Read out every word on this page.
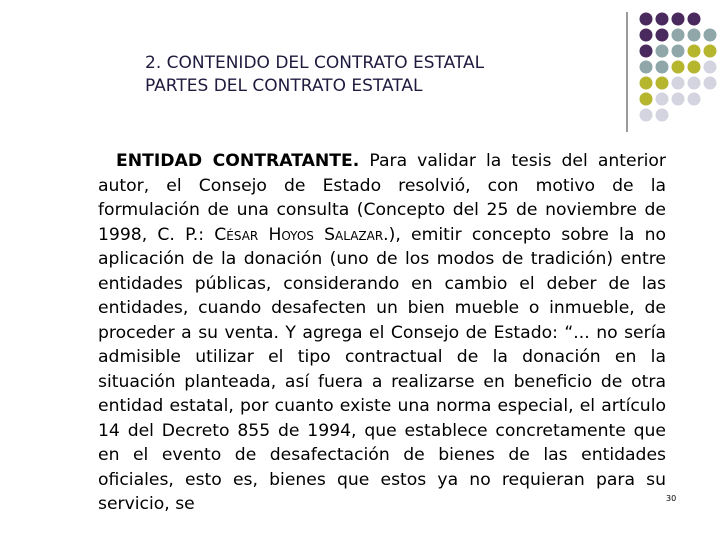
2. CONTENIDO DEL CONTRATO ESTATAL
PARTES DEL CONTRATO ESTATAL
ENTIDAD CONTRATANTE. Para validar la tesis del anterior autor, el Consejo de Estado resolvió, con motivo de la formulación de una consulta (Concepto del 25 de noviembre de 1998, C. P.: César Hoyos Salazar.), emitir concepto sobre la no aplicación de la donación (uno de los modos de tradición) entre entidades públicas, considerando en cambio el deber de las entidades, cuando desafecten un bien mueble o inmueble, de proceder a su venta. Y agrega el Consejo de Estado: “... no sería admisible utilizar el tipo contractual de la donación en la situación planteada, así fuera a realizarse en beneficio de otra entidad estatal, por cuanto existe una norma especial, el artículo 14 del Decreto 855 de 1994, que establece concretamente que en el evento de desafectación de bienes de las entidades oficiales, esto es, bienes que estos ya no requieran para su servicio, se	30
